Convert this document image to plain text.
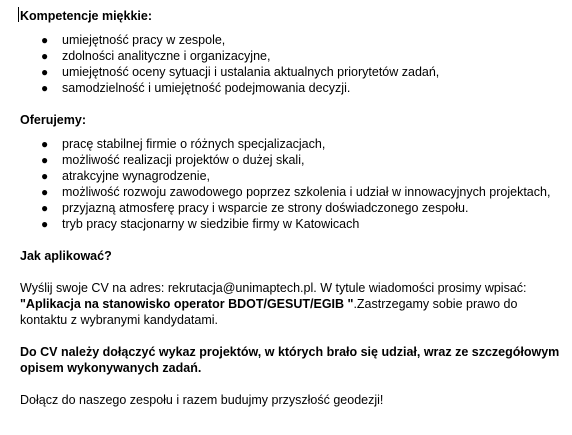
Kompetencje miękkie:

● umiejętność pracy w zespole,
● zdolności analityczne i organizacyjne,
● umiejętność oceny sytuacji i ustalania aktualnych priorytetów zadań,
● samodzielność i umiejętność podejmowania decyzji.

Oferujemy:

● pracę stabilnej firmie o różnych specjalizacjach,
● możliwość realizacji projektów o dużej skali,
● atrakcyjne wynagrodzenie,
● możliwość rozwoju zawodowego poprzez szkolenia i udział w innowacyjnych projektach,
● przyjazną atmosferę pracy i wsparcie ze strony doświadczonego zespołu.
● tryb pracy stacjonarny w siedzibie firmy w Katowicach

Jak aplikować?

Wyślij swoje CV na adres: rekrutacja@unimaptech.pl. W tytule wiadomości prosimy wpisać: "Aplikacja na stanowisko operator BDOT/GESUT/EGIB ".Zastrzegamy sobie prawo do kontaktu z wybranymi kandydatami.

Do CV należy dołączyć wykaz projektów, w których brało się udział, wraz ze szczegółowym opisem wykonywanych zadań.

Dołącz do naszego zespołu i razem budujmy przyszłość geodezji!
